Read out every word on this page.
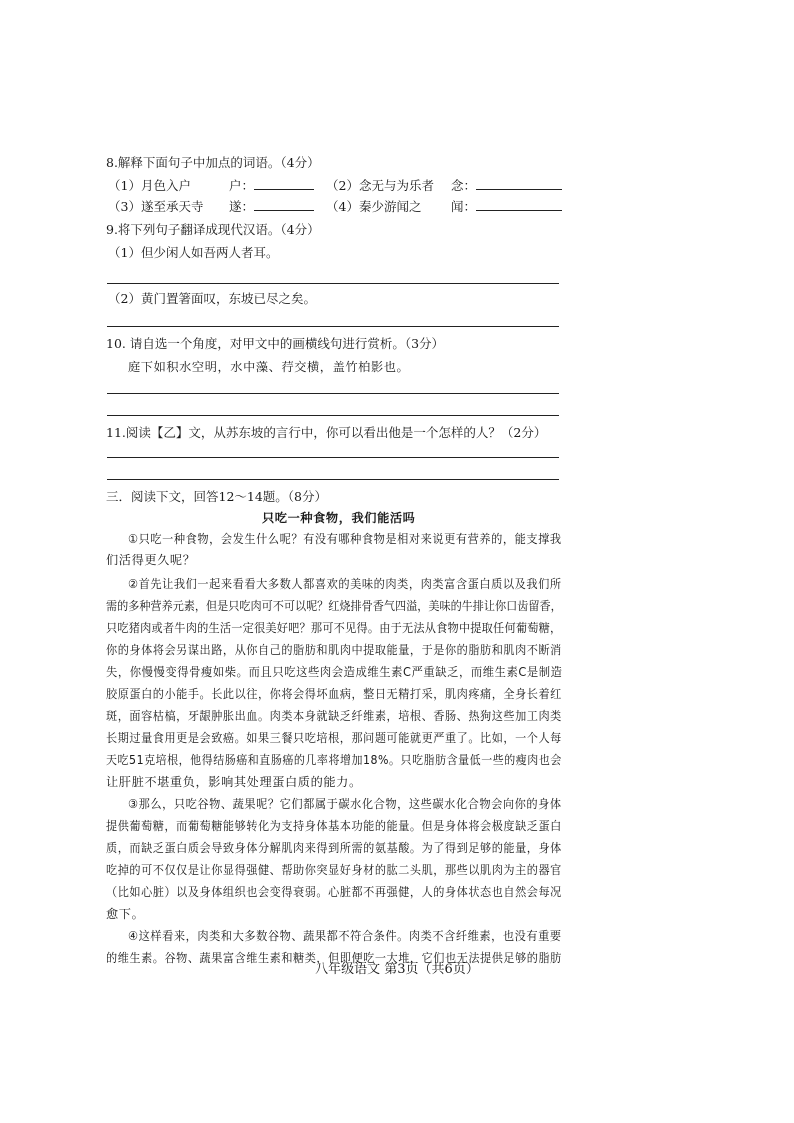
8.解释下面句子中加点的词语。（4分）
（1）月色入户	户：	（2）念无与为乐者 念：
（3）遂至承天寺 遂：	（4）秦少游闻之 闻：
9.将下列句子翻译成现代汉语。（4分）
（1）但少闲人如吾两人者耳。
（2）黄门置箸面叹，东坡已尽之矣。
10. 请自选一个角度，对甲文中的画横线句进行赏析。（3分）
庭下如积水空明，水中藻、荇交横，盖竹柏影也。
11.阅读【乙】文，从苏东坡的言行中，你可以看出他是一个怎样的人？（2分）
三．阅读下文，回答12～14题。（8分）
只吃一种食物，我们能活吗
①只吃一种食物，会发生什么呢？有没有哪种食物是相对来说更有营养的，能支撑我
们活得更久呢？
②首先让我们一起来看看大多数人都喜欢的美味的肉类，肉类富含蛋白质以及我们所
需的多种营养元素，但是只吃肉可不可以呢？红烧排骨香气四溢，美味的牛排让你口齿留香，
只吃猪肉或者牛肉的生活一定很美好吧？那可不见得。由于无法从食物中提取任何葡萄糖，
你的身体将会另谋出路，从你自己的脂肪和肌肉中提取能量，于是你的脂肪和肌肉不断消
失，你慢慢变得骨瘦如柴。而且只吃这些肉会造成维生素C严重缺乏，而维生素C是制造
胶原蛋白的小能手。长此以往，你将会得坏血病，整日无精打采，肌肉疼痛，全身长着红
斑，面容枯槁，牙龈肿胀出血。肉类本身就缺乏纤维素，培根、香肠、热狗这些加工肉类
长期过量食用更是会致癌。如果三餐只吃培根，那问题可能就更严重了。比如，一个人每
天吃51克培根，他得结肠癌和直肠癌的几率将增加18%。只吃脂肪含量低一些的瘦肉也会
让肝脏不堪重负，影响其处理蛋白质的能力。
③那么，只吃谷物、蔬果呢？它们都属于碳水化合物，这些碳水化合物会向你的身体
提供葡萄糖，而葡萄糖能够转化为支持身体基本功能的能量。但是身体将会极度缺乏蛋白
质，而缺乏蛋白质会导致身体分解肌肉来得到所需的氨基酸。为了得到足够的能量，身体
吃掉的可不仅仅是让你显得强健、帮助你突显好身材的肱二头肌，那些以肌肉为主的器官
（比如心脏）以及身体组织也会变得衰弱。心脏都不再强健，人的身体状态也自然会每况
愈下。
④这样看来，肉类和大多数谷物、蔬果都不符合条件。肉类不含纤维素，也没有重要
的维生素。谷物、蔬果富含维生素和糖类，但即便吃一大堆，它们也无法提供足够的脂肪
八年级语文 第3页（共6页）
